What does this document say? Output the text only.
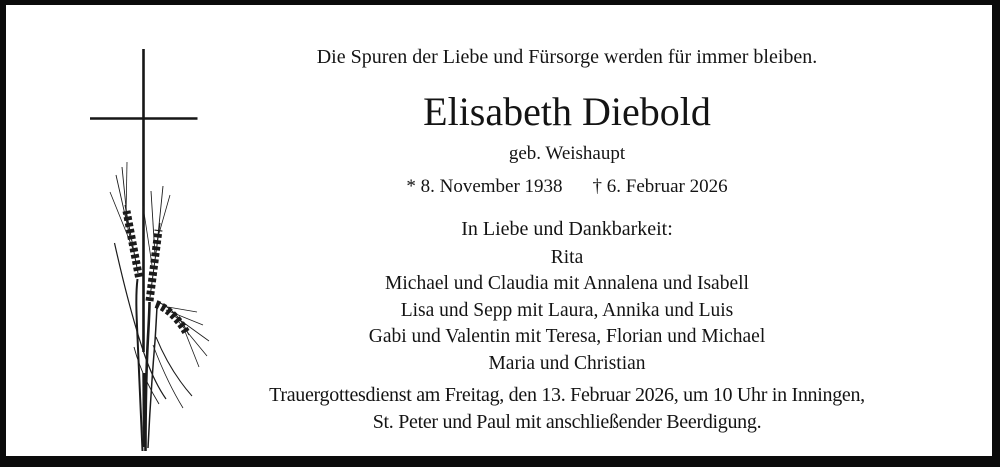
Die Spuren der Liebe und Fürsorge werden für immer bleiben.
Elisabeth Diebold
geb. Weishaupt
* 8. November 1938 † 6. Februar 2026
In Liebe und Dankbarkeit:
Rita
Michael und Claudia mit Annalena und Isabell
Lisa und Sepp mit Laura, Annika und Luis
Gabi und Valentin mit Teresa, Florian und Michael
Maria und Christian
Trauergottesdienst am Freitag, den 13. Februar 2026, um 10 Uhr in Inningen,
St. Peter und Paul mit anschließender Beerdigung.
